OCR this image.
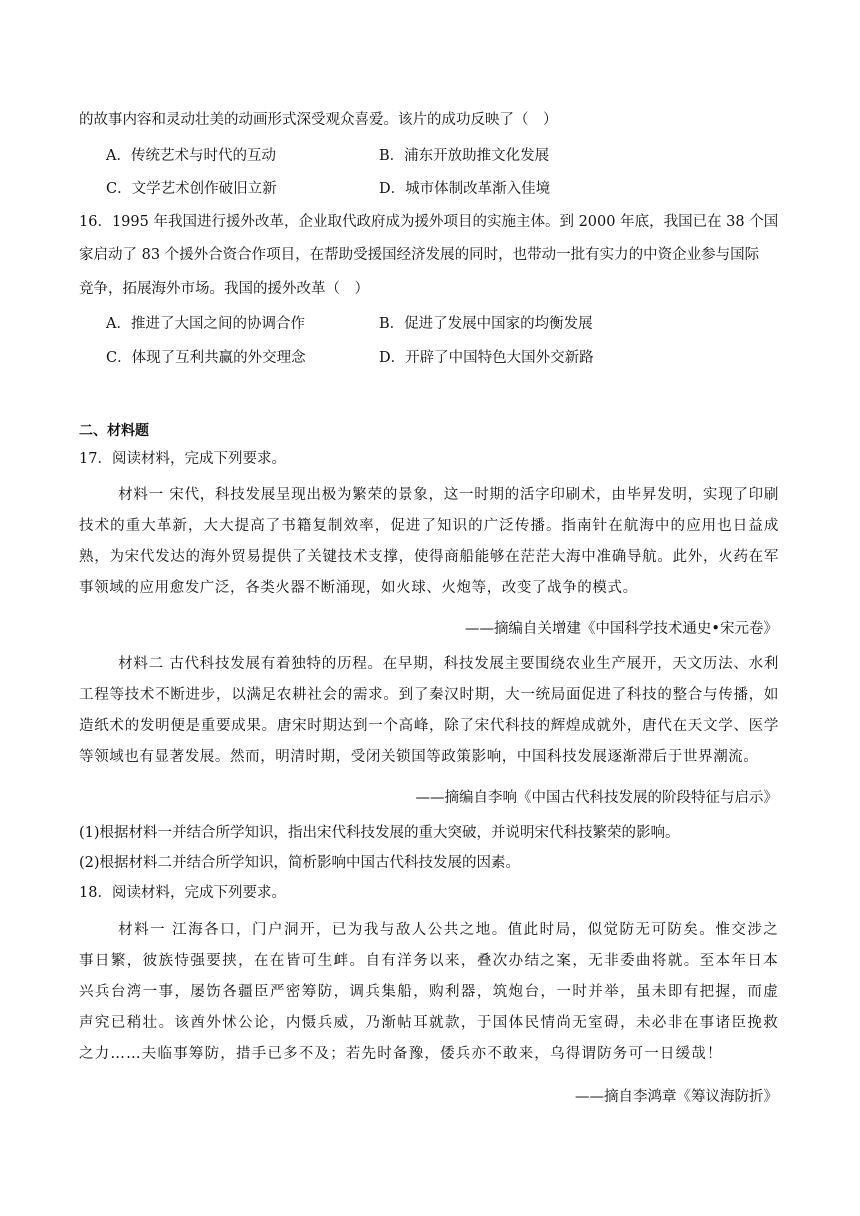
的故事内容和灵动壮美的动画形式深受观众喜爱。该片的成功反映了（　）
A．传统艺术与时代的互动	B．浦东开放助推文化发展
C．文学艺术创作破旧立新	D．城市体制改革渐入佳境
16．1995 年我国进行援外改革，企业取代政府成为援外项目的实施主体。到 2000 年底，我国已在 38 个国
家启动了 83 个援外合资合作项目，在帮助受援国经济发展的同时，也带动一批有实力的中资企业参与国际
竞争，拓展海外市场。我国的援外改革（　）
A．推进了大国之间的协调合作	B．促进了发展中国家的均衡发展
C．体现了互利共赢的外交理念	D．开辟了中国特色大国外交新路
二、材料题
17．阅读材料，完成下列要求。
材料一 宋代，科技发展呈现出极为繁荣的景象，这一时期的活字印刷术，由毕昇发明，实现了印刷技术的重大革新，大大提高了书籍复制效率，促进了知识的广泛传播。指南针在航海中的应用也日益成熟，为宋代发达的海外贸易提供了关键技术支撑，使得商船能够在茫茫大海中准确导航。此外，火药在军事领域的应用愈发广泛，各类火器不断涌现，如火球、火炮等，改变了战争的模式。
——摘编自关增建《中国科学技术通史•宋元卷》
材料二 古代科技发展有着独特的历程。在早期，科技发展主要围绕农业生产展开，天文历法、水利工程等技术不断进步，以满足农耕社会的需求。到了秦汉时期，大一统局面促进了科技的整合与传播，如造纸术的发明便是重要成果。唐宋时期达到一个高峰，除了宋代科技的辉煌成就外，唐代在天文学、医学等领域也有显著发展。然而，明清时期，受闭关锁国等政策影响，中国科技发展逐渐滞后于世界潮流。
——摘编自李响《中国古代科技发展的阶段特征与启示》
(1)根据材料一并结合所学知识，指出宋代科技发展的重大突破，并说明宋代科技繁荣的影响。
(2)根据材料二并结合所学知识，简析影响中国古代科技发展的因素。
18．阅读材料，完成下列要求。
材料一 江海各口，门户洞开，已为我与敌人公共之地。值此时局，似觉防无可防矣。惟交涉之事日繁，彼族恃强要挟，在在皆可生衅。自有洋务以来，叠次办结之案，无非委曲将就。至本年日本兴兵台湾一事，屡饬各疆臣严密筹防，调兵集船，购利器，筑炮台，一时并举，虽未即有把握，而虚声究已稍壮。该酋外怵公论，内慑兵威，乃渐帖耳就款，于国体民情尚无室碍，未必非在事诸臣挽救之力……夫临事筹防，措手已多不及；若先时备豫，倭兵亦不敢来，乌得谓防务可一日缓哉！
——摘自李鸿章《筹议海防折》
